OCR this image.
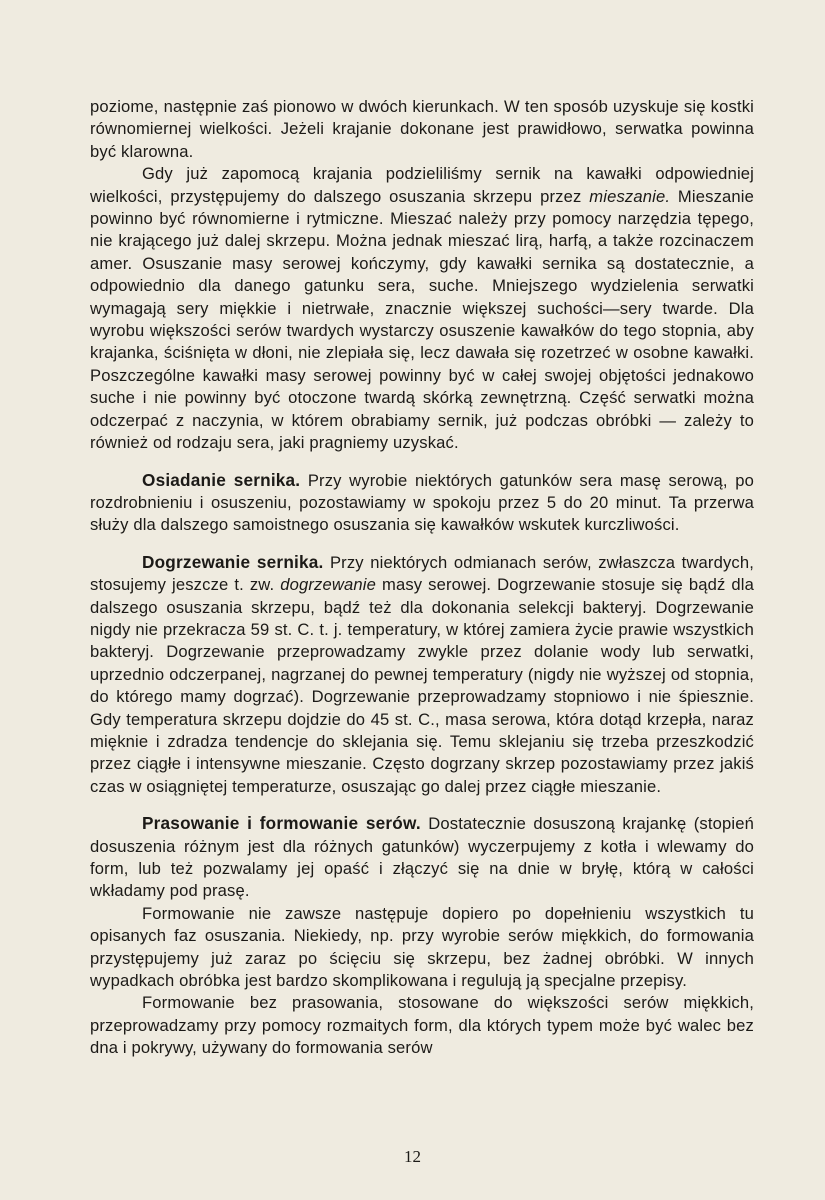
poziome, następnie zaś pionowo w dwóch kierunkach. W ten sposób uzyskuje się kostki równomiernej wielkości. Jeżeli krajanie dokonane jest prawidłowo, serwatka powinna być klarowna.

Gdy już zapomocą krajania podzieliliśmy sernik na kawałki odpowiedniej wielkości, przystępujemy do dalszego osuszania skrzepu przez mieszanie. Mieszanie powinno być równomierne i rytmiczne. Mieszać należy przy pomocy narzędzia tępego, nie krającego już dalej skrzepu. Można jednak mieszać lirą, harfą, a także rozcinaczem amer. Osuszanie masy serowej kończymy, gdy kawałki sernika są dostatecznie, a odpowiednio dla danego gatunku sera, suche. Mniejszego wydzielenia serwatki wymagają sery miękkie i nietrwałe, znacznie większej suchości—sery twarde. Dla wyrobu większości serów twardych wystarczy osuszenie kawałków do tego stopnia, aby krajanka, ściśnięta w dłoni, nie zlepiała się, lecz dawała się rozetrzeć w osobne kawałki. Poszczególne kawałki masy serowej powinny być w całej swojej objętości jednakowo suche i nie powinny być otoczone twardą skórką zewnętrzną. Część serwatki można odczerpać z naczynia, w którem obrabiamy sernik, już podczas obróbki — zależy to również od rodzaju sera, jaki pragniemy uzyskać.

Osiadanie sernika. Przy wyrobie niektórych gatunków sera masę serową, po rozdrobnieniu i osuszeniu, pozostawiamy w spokoju przez 5 do 20 minut. Ta przerwa służy dla dalszego samoistnego osuszania się kawałków wskutek kurczliwości.

Dogrzewanie sernika. Przy niektórych odmianach serów, zwłaszcza twardych, stosujemy jeszcze t. zw. dogrzewanie masy serowej. Dogrzewanie stosuje się bądź dla dalszego osuszania skrzepu, bądź też dla dokonania selekcji bakteryj. Dogrzewanie nigdy nie przekracza 59 st. C. t. j. temperatury, w której zamiera życie prawie wszystkich bakteryj. Dogrzewanie przeprowadzamy zwykle przez dolanie wody lub serwatki, uprzednio odczerpanej, nagrzanej do pewnej temperatury (nigdy nie wyższej od stopnia, do którego mamy dogrzać). Dogrzewanie przeprowadzamy stopniowo i nie śpiesznie. Gdy temperatura skrzepu dojdzie do 45 st. C., masa serowa, która dotąd krzepła, naraz mięknie i zdradza tendencje do sklejania się. Temu sklejaniu się trzeba przeszkodzić przez ciągłe i intensywne mieszanie. Często dogrzany skrzep pozostawiamy przez jakiś czas w osiągniętej temperaturze, osuszając go dalej przez ciągłe mieszanie.

Prasowanie i formowanie serów. Dostatecznie dosuszoną krajankę (stopień dosuszenia różnym jest dla różnych gatunków) wyczerpujemy z kotła i wlewamy do form, lub też pozwalamy jej opaść i złączyć się na dnie w bryłę, którą w całości wkładamy pod prasę.

Formowanie nie zawsze następuje dopiero po dopełnieniu wszystkich tu opisanych faz osuszania. Niekiedy, np. przy wyrobie serów miękkich, do formowania przystępujemy już zaraz po ścięciu się skrzepu, bez żadnej obróbki. W innych wypadkach obróbka jest bardzo skomplikowana i regulują ją specjalne przepisy.

Formowanie bez prasowania, stosowane do większości serów miękkich, przeprowadzamy przy pomocy rozmaitych form, dla których typem może być walec bez dna i pokrywy, używany do formowania serów

12
